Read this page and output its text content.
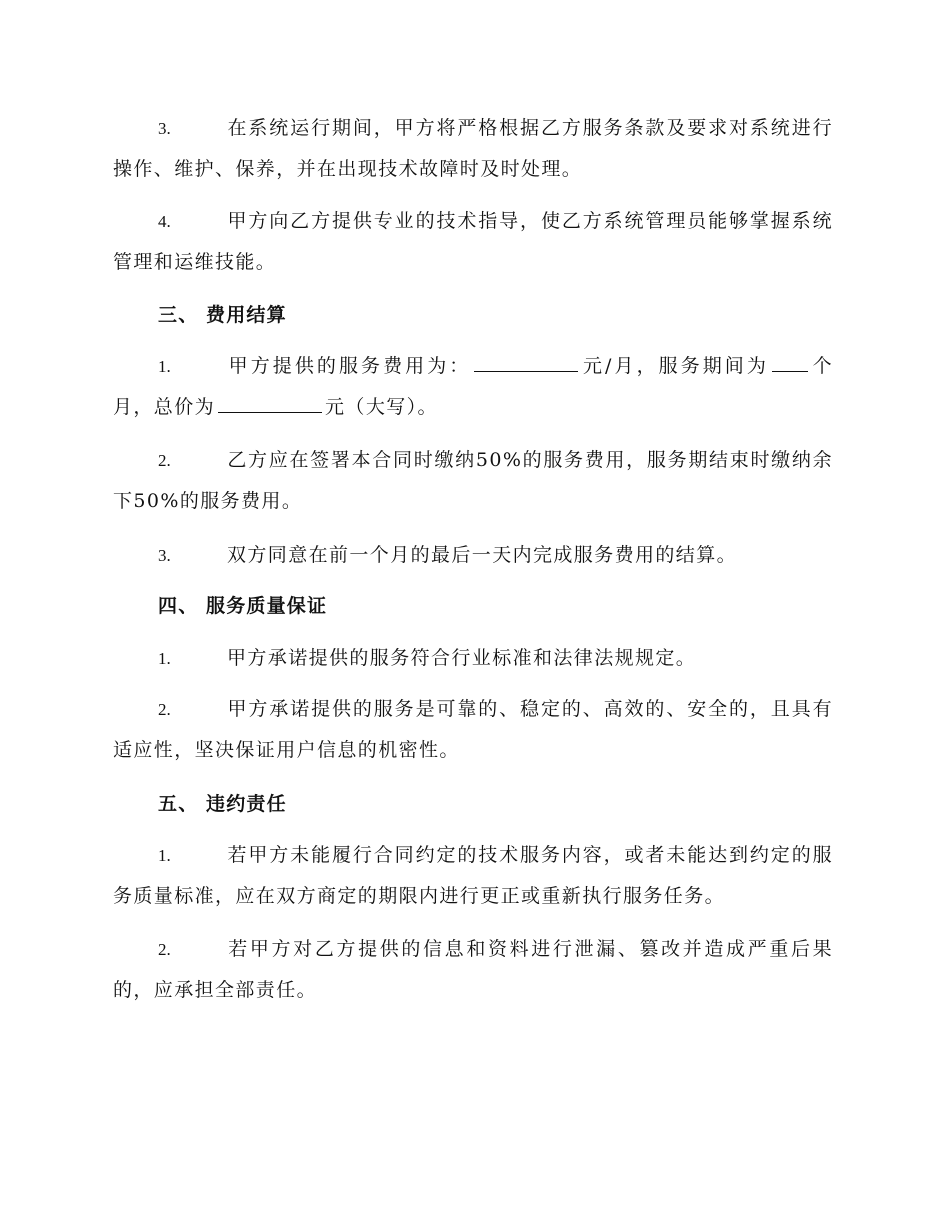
3.	在系统运行期间，甲方将严格根据乙方服务条款及要求对系统进行操作、维护、保养，并在出现技术故障时及时处理。

4.	甲方向乙方提供专业的技术指导，使乙方系统管理员能够掌握系统管理和运维技能。

三、 费用结算

1.	甲方提供的服务费用为：	元/月，服务期间为 个月，总价为	元（大写）。

2.	乙方应在签署本合同时缴纳50%的服务费用，服务期结束时缴纳余下50%的服务费用。

3.	双方同意在前一个月的最后一天内完成服务费用的结算。

四、 服务质量保证

1.	甲方承诺提供的服务符合行业标准和法律法规规定。

2.	甲方承诺提供的服务是可靠的、稳定的、高效的、安全的，且具有适应性，坚决保证用户信息的机密性。

五、 违约责任

1.	若甲方未能履行合同约定的技术服务内容，或者未能达到约定的服务质量标准，应在双方商定的期限内进行更正或重新执行服务任务。

2.	若甲方对乙方提供的信息和资料进行泄漏、篡改并造成严重后果的，应承担全部责任。
